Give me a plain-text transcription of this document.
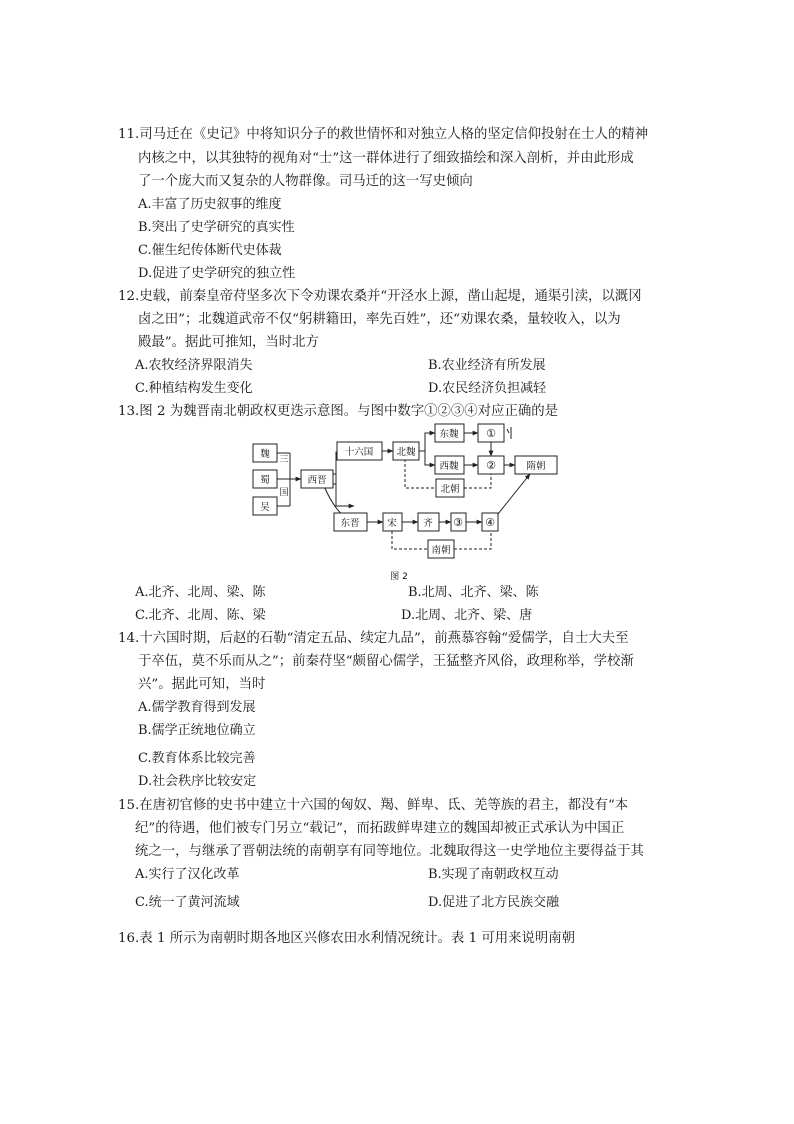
11.司马迁在《史记》中将知识分子的救世情怀和对独立人格的坚定信仰投射在士人的精神
内核之中，以其独特的视角对“士”这一群体进行了细致描绘和深入剖析，并由此形成
了一个庞大而又复杂的人物群像。司马迁的这一写史倾向
A.丰富了历史叙事的维度
B.突出了史学研究的真实性
C.催生纪传体断代史体裁
D.促进了史学研究的独立性
12.史载，前秦皇帝苻坚多次下令劝课农桑并“开泾水上源，凿山起堤，通渠引渎，以溉冈
卤之田”；北魏道武帝不仅“躬耕籍田，率先百姓”，还“劝课农桑，量较收入，以为
殿最”。据此可推知，当时北方
A.农牧经济界限消失	B.农业经济有所发展
C.种植结构发生变化	D.农民经济负担减轻
13.图 2 为魏晋南北朝政权更迭示意图。与图中数字①②③④对应正确的是
魏
蜀
吴
三
国
西晋
十六国 北魏
东魏
西魏
北朝
①
②	隋朝
东晋	宋	齐 ③ ④
南朝
图 2
A.北齐、北周、梁、陈	B.北周、北齐、梁、陈
C.北齐、北周、陈、梁	D.北周、北齐、梁、唐
14.十六国时期，后赵的石勒“清定五品、续定九品”，前燕慕容翰“爱儒学，自士大夫至
于卒伍，莫不乐而从之”；前秦苻坚“颇留心儒学，王猛整齐风俗，政理称举，学校渐
兴”。据此可知，当时
A.儒学教育得到发展
B.儒学正统地位确立
C.教育体系比较完善
D.社会秩序比较安定
15.在唐初官修的史书中建立十六国的匈奴、羯、鲜卑、氐、羌等族的君主，都没有“本
纪”的待遇，他们被专门另立“载记”，而拓跋鲜卑建立的魏国却被正式承认为中国正
统之一，与继承了晋朝法统的南朝享有同等地位。北魏取得这一史学地位主要得益于其
A.实行了汉化改革	B.实现了南朝政权互动
C.统一了黄河流域	D.促进了北方民族交融
16.表 1 所示为南朝时期各地区兴修农田水利情况统计。表 1 可用来说明南朝
